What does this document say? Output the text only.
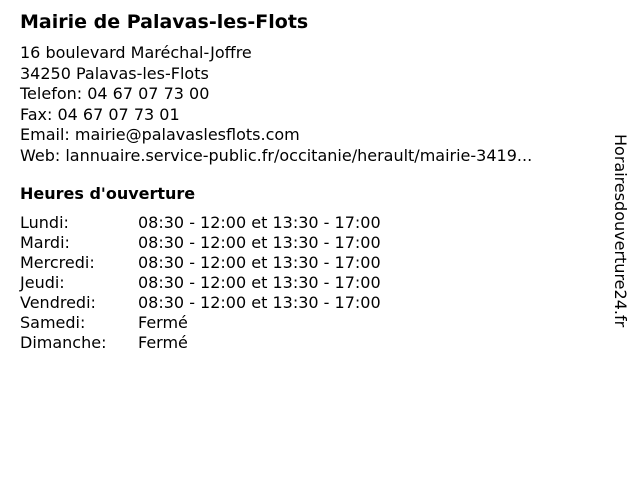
Mairie de Palavas-les-Flots
16 boulevard Maréchal-Joffre
34250 Palavas-les-Flots
Telefon: 04 67 07 73 00
Fax: 04 67 07 73 01
Email: mairie@palavaslesflots.com
Web: lannuaire.service-public.fr/occitanie/herault/mairie-3419...
Heures d'ouverture
Lundi:	08:30 - 12:00 et 13:30 - 17:00
Mardi:	08:30 - 12:00 et 13:30 - 17:00
Mercredi:	08:30 - 12:00 et 13:30 - 17:00
Jeudi:	08:30 - 12:00 et 13:30 - 17:00
Vendredi:	08:30 - 12:00 et 13:30 - 17:00
Samedi:	Fermé
Dimanche: Fermé
Horairesdouverture24.fr
